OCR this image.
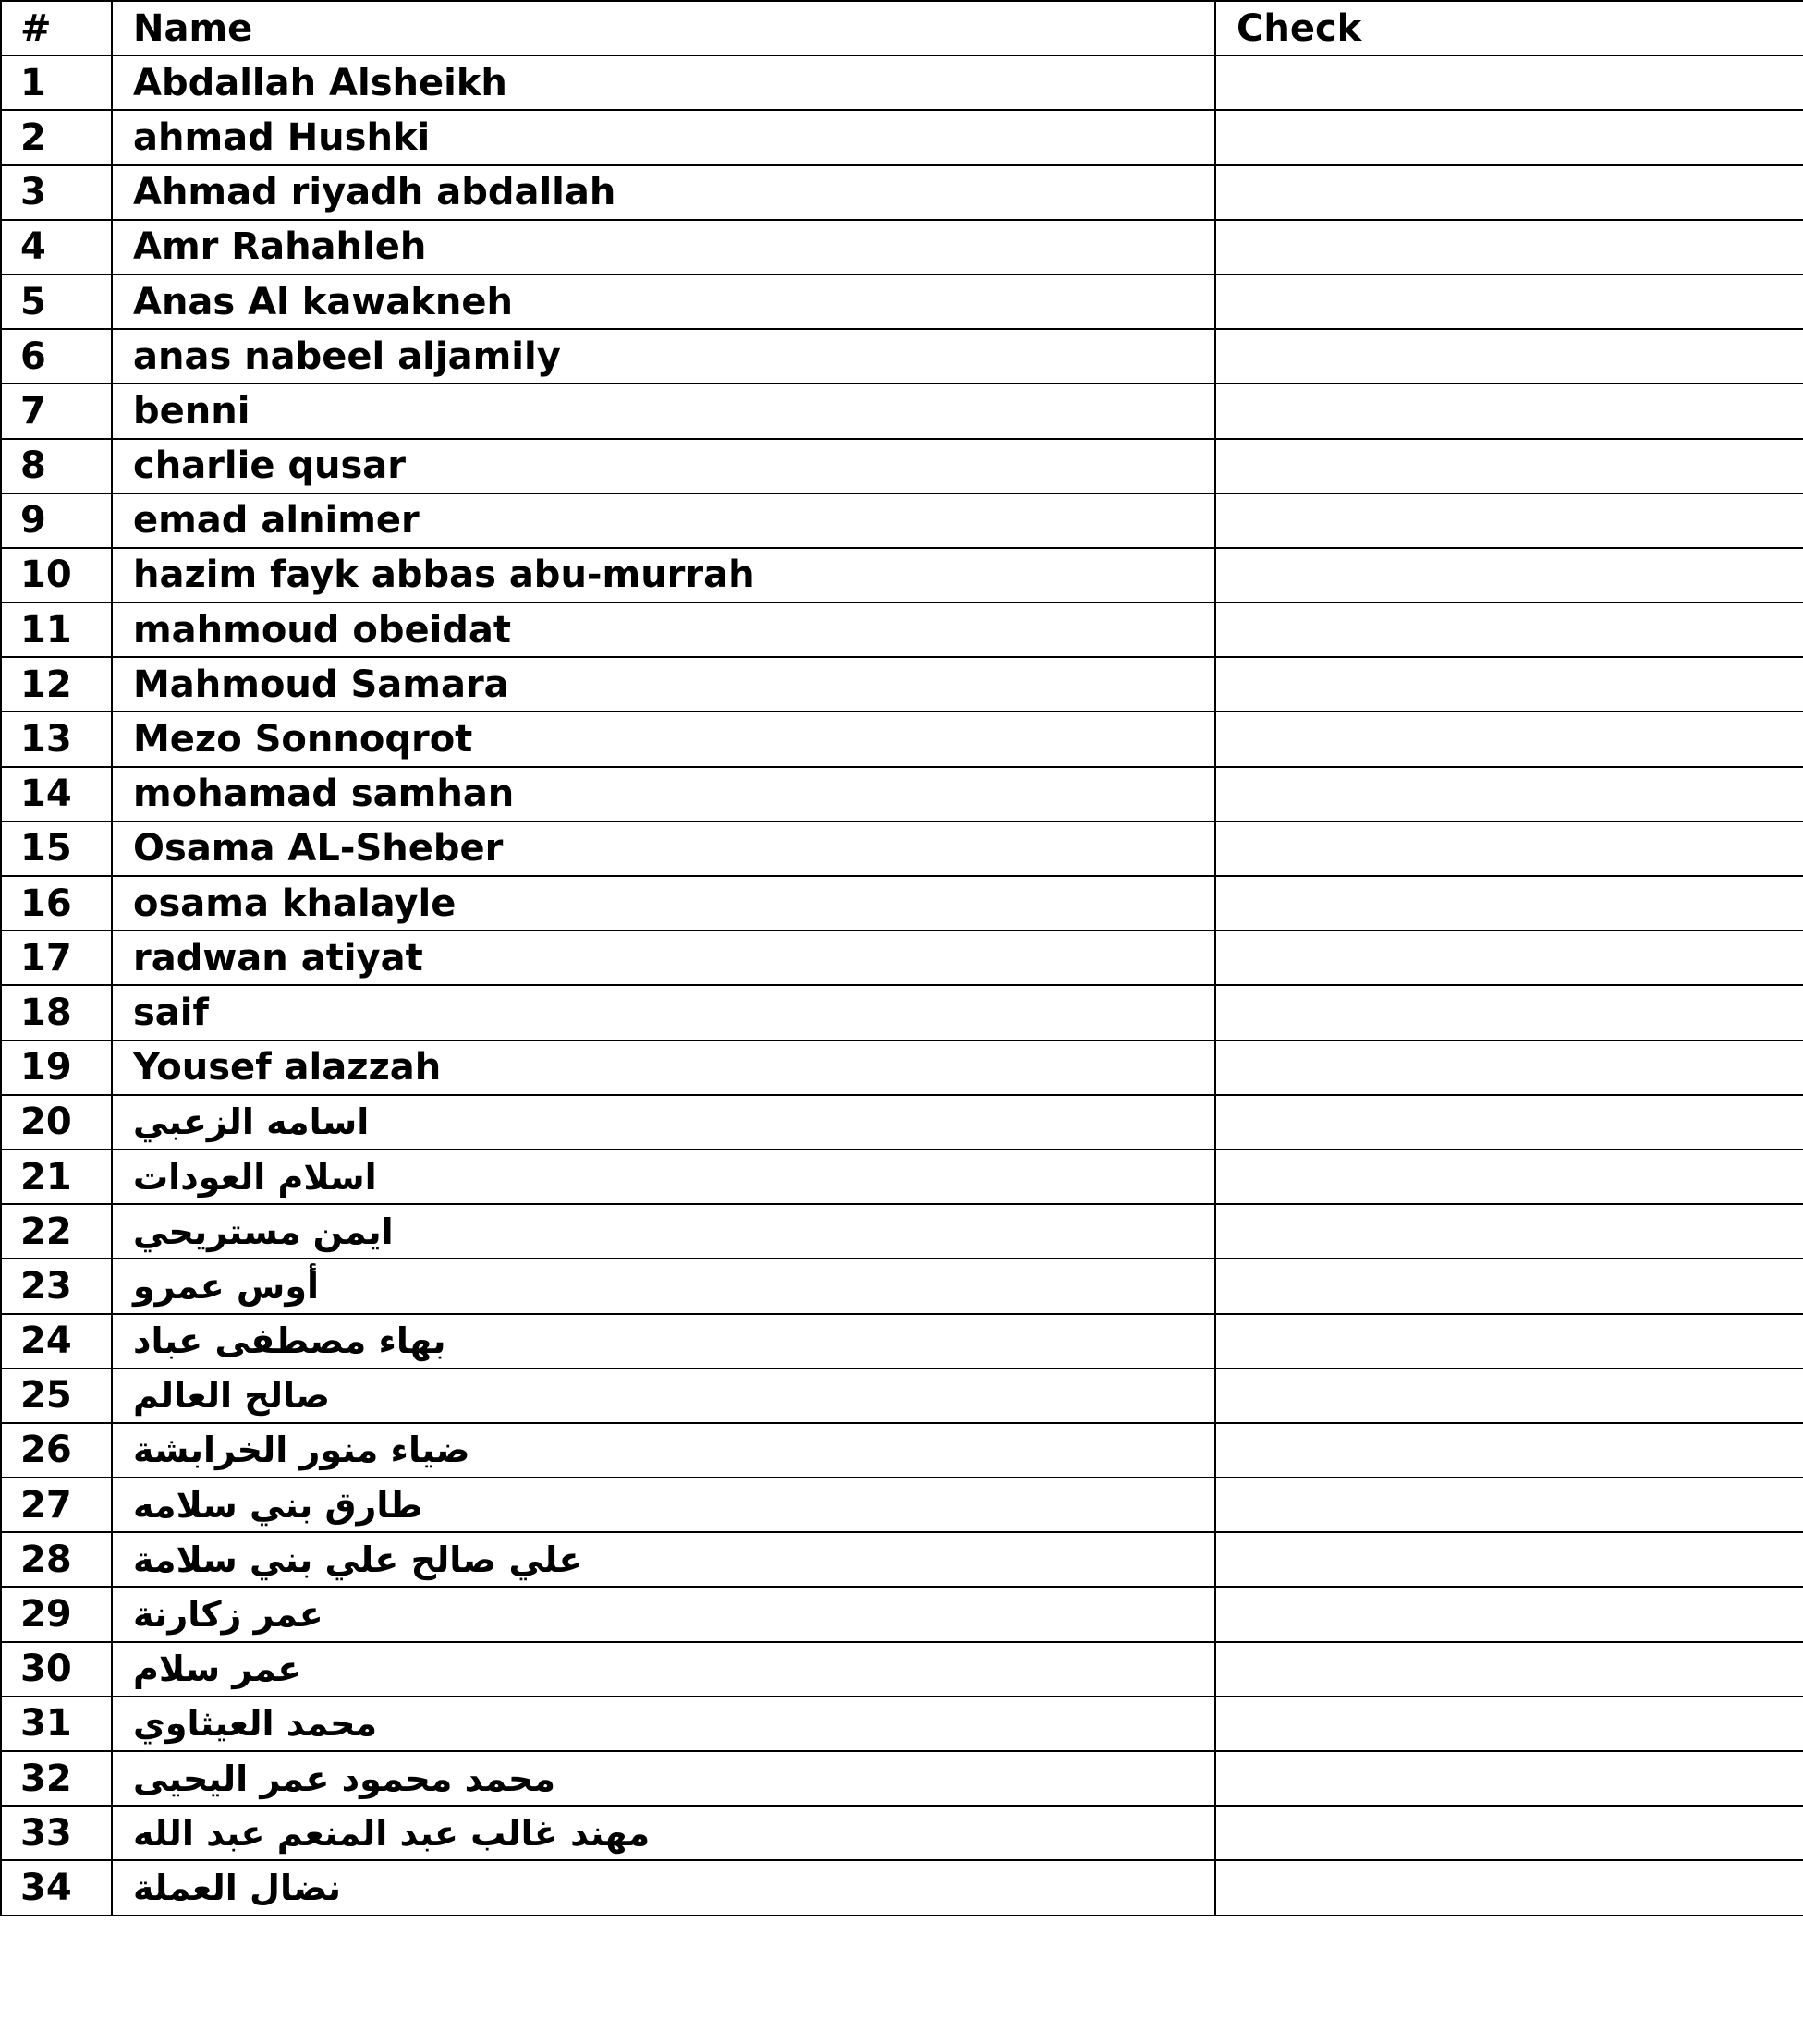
#	Name	Check
1	Abdallah Alsheikh	
2	ahmad Hushki	
3	Ahmad riyadh abdallah	
4	Amr Rahahleh	
5	Anas Al kawakneh	
6	anas nabeel aljamily	
7	benni	
8	charlie qusar	
9	emad alnimer	
10	hazim fayk abbas abu-murrah	
11	mahmoud obeidat	
12	Mahmoud Samara	
13	Mezo Sonnoqrot	
14	mohamad samhan	
15	Osama AL-Sheber	
16	osama khalayle	
17	radwan atiyat	
18	saif	
19	Yousef alazzah	
20	اسامه الزعبي	
21	اسلام العودات	
22	ايمن مستريحي	
23	أوس عمرو	
24	بهاء مصطفى عباد	
25	صالح العالم	
26	ضياء منور الخرابشة	
27	طارق بني سلامه	
28	علي صالح علي بني سلامة	
29	عمر زكارنة	
30	عمر سلام	
31	محمد العيثاوي	
32	محمد محمود عمر اليحيى	
33	مهند غالب عبد المنعم عبد الله	
34	نضال العملة	
